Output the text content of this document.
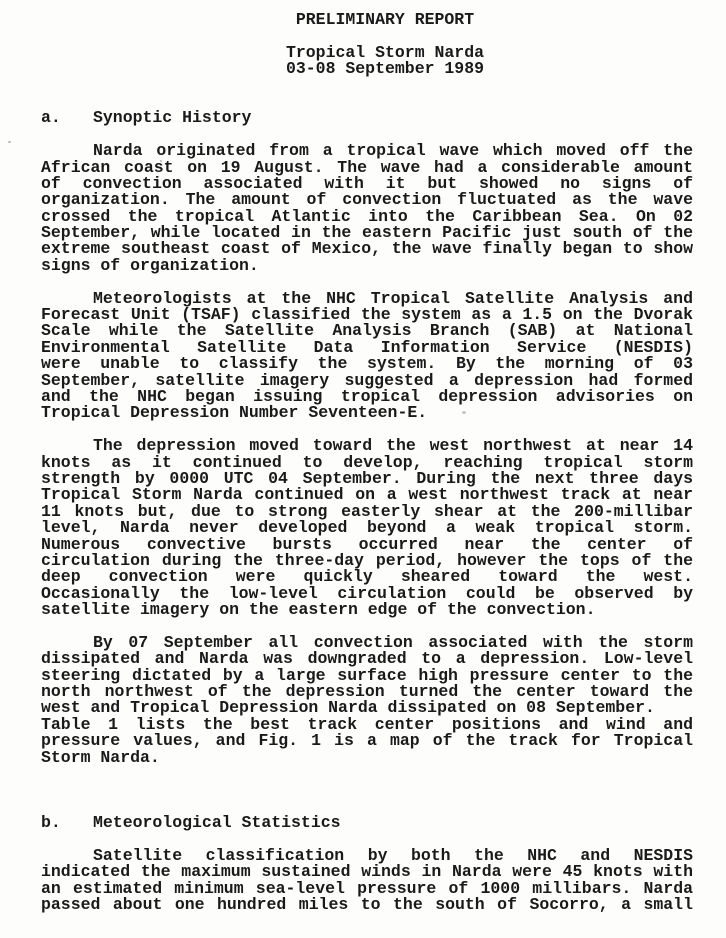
PRELIMINARY REPORT
Tropical Storm Narda
03-08 September 1989
a. Synoptic History
Narda originated from a tropical wave which moved off the
African coast on 19 August. The wave had a considerable amount
of convection associated with it but showed no signs of
organization. The amount of convection fluctuated as the wave
crossed the tropical Atlantic into the Caribbean Sea. On 02
September, while located in the eastern Pacific just south of the
extreme southeast coast of Mexico, the wave finally began to show
signs of organization.
Meteorologists at the NHC Tropical Satellite Analysis and
Forecast Unit (TSAF) classified the system as a 1.5 on the Dvorak
Scale while the Satellite Analysis Branch (SAB) at National
Environmental Satellite Data Information Service (NESDIS)
were unable to classify the system. By the morning of 03
September, satellite imagery suggested a depression had formed
and the NHC began issuing tropical depression advisories on
Tropical Depression Number Seventeen-E.
The depression moved toward the west northwest at near 14
knots as it continued to develop, reaching tropical storm
strength by 0000 UTC 04 September. During the next three days
Tropical Storm Narda continued on a west northwest track at near
11 knots but, due to strong easterly shear at the 200-millibar
level, Narda never developed beyond a weak tropical storm.
Numerous convective bursts occurred near the center of
circulation during the three-day period, however the tops of the
deep convection were quickly sheared toward the west.
Occasionally the low-level circulation could be observed by
satellite imagery on the eastern edge of the convection.
By 07 September all convection associated with the storm
dissipated and Narda was downgraded to a depression. Low-level
steering dictated by a large surface high pressure center to the
north northwest of the depression turned the center toward the
west and Tropical Depression Narda dissipated on 08 September.
Table 1 lists the best track center positions and wind and
pressure values, and Fig. 1 is a map of the track for Tropical
Storm Narda.
b. Meteorological Statistics
Satellite classification by both the NHC and NESDIS
indicated the maximum sustained winds in Narda were 45 knots with
an estimated minimum sea-level pressure of 1000 millibars. Narda
passed about one hundred miles to the south of Socorro, a small
